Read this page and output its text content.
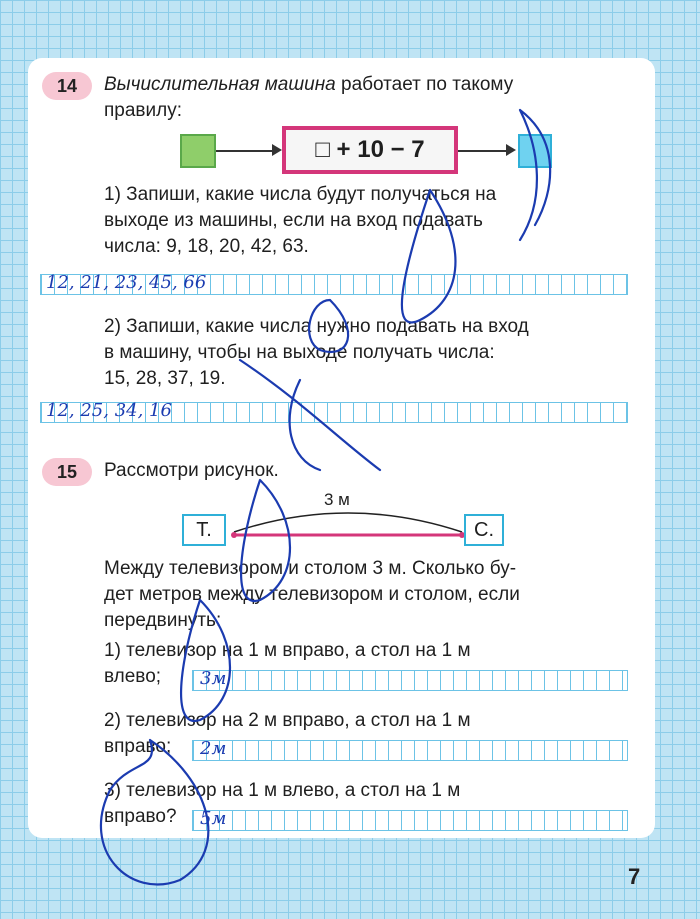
14	Вычислительная машина работает по такому
правилу:
□ + 10 − 7
1) Запиши, какие числа будут получаться на
выходе из машины, если на вход подавать
числа: 9, 18, 20, 42, 63.
12, 21, 23, 45, 66
2) Запиши, какие числа нужно подавать на вход
в машину, чтобы на выходе получать числа:
15, 28, 37, 19.
12, 25, 34, 16
15	Рассмотри рисунок.
3 м
Т.	С.
Между телевизором и столом 3 м. Сколько бу-
дет метров между телевизором и столом, если
передвинуть:
1) телевизор на 1 м вправо, а стол на 1 м
влево; 3м
2) телевизор на 2 м вправо, а стол на 1 м
вправо; 2м
3) телевизор на 1 м влево, а стол на 1 м
вправо? 5м
7
